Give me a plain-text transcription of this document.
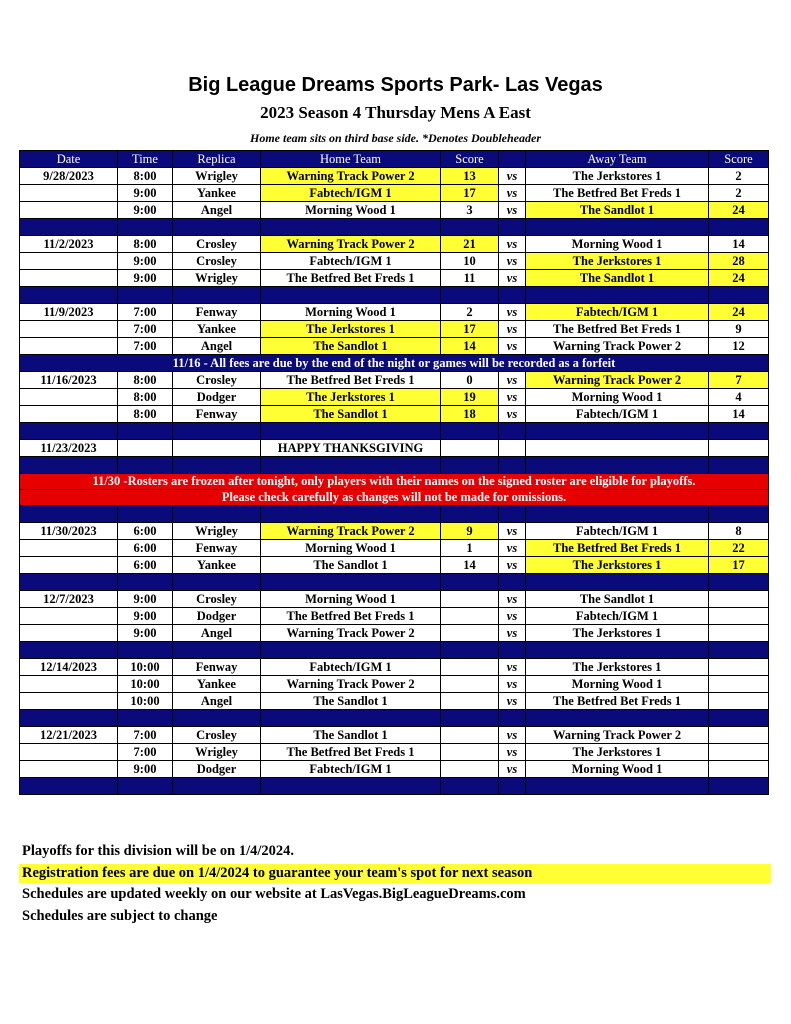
Big League Dreams Sports Park- Las Vegas
2023 Season 4 Thursday Mens A East
Home team sits on third base side. *Denotes Doubleheader
Date	Time	Replica	Home Team	Score		Away Team	Score
9/28/2023	8:00	Wrigley	Warning Track Power 2	13	vs	The Jerkstores 1	2
	9:00	Yankee	Fabtech/IGM 1	17	vs	The Betfred Bet Freds 1	2
	9:00	Angel	Morning Wood 1	3	vs	The Sandlot 1	24

11/2/2023	8:00	Crosley	Warning Track Power 2	21	vs	Morning Wood 1	14
	9:00	Crosley	Fabtech/IGM 1	10	vs	The Jerkstores 1	28
	9:00	Wrigley	The Betfred Bet Freds 1	11	vs	The Sandlot 1	24

11/9/2023	7:00	Fenway	Morning Wood 1	2	vs	Fabtech/IGM 1	24
	7:00	Yankee	The Jerkstores 1	17	vs	The Betfred Bet Freds 1	9
	7:00	Angel	The Sandlot 1	14	vs	Warning Track Power 2	12
11/16 - All fees are due by the end of the night or games will be recorded as a forfeit							
11/16/2023	8:00	Crosley	The Betfred Bet Freds 1	0	vs	Warning Track Power 2	7
	8:00	Dodger	The Jerkstores 1	19	vs	Morning Wood 1	4
	8:00	Fenway	The Sandlot 1	18	vs	Fabtech/IGM 1	14

11/23/2023			HAPPY THANKSGIVING				

11/30 -Rosters are frozen after tonight, only players with their names on the signed roster are eligible for playoffs.							
Please check carefully as changes will not be made for omissions.							

11/30/2023	6:00	Wrigley	Warning Track Power 2	9	vs	Fabtech/IGM 1	8
	6:00	Fenway	Morning Wood 1	1	vs	The Betfred Bet Freds 1	22
	6:00	Yankee	The Sandlot 1	14	vs	The Jerkstores 1	17

12/7/2023	9:00	Crosley	Morning Wood 1		vs	The Sandlot 1	
	9:00	Dodger	The Betfred Bet Freds 1		vs	Fabtech/IGM 1	
	9:00	Angel	Warning Track Power 2		vs	The Jerkstores 1	

12/14/2023	10:00	Fenway	Fabtech/IGM 1		vs	The Jerkstores 1	
	10:00	Yankee	Warning Track Power 2		vs	Morning Wood 1	
	10:00	Angel	The Sandlot 1		vs	The Betfred Bet Freds 1	

12/21/2023	7:00	Crosley	The Sandlot 1		vs	Warning Track Power 2	
	7:00	Wrigley	The Betfred Bet Freds 1		vs	The Jerkstores 1	
	9:00	Dodger	Fabtech/IGM 1		vs	Morning Wood 1	

Playoffs for this division will be on 1/4/2024.
Registration fees are due on 1/4/2024 to guarantee your team's spot for next season
Schedules are updated weekly on our website at LasVegas.BigLeagueDreams.com
Schedules are subject to change
